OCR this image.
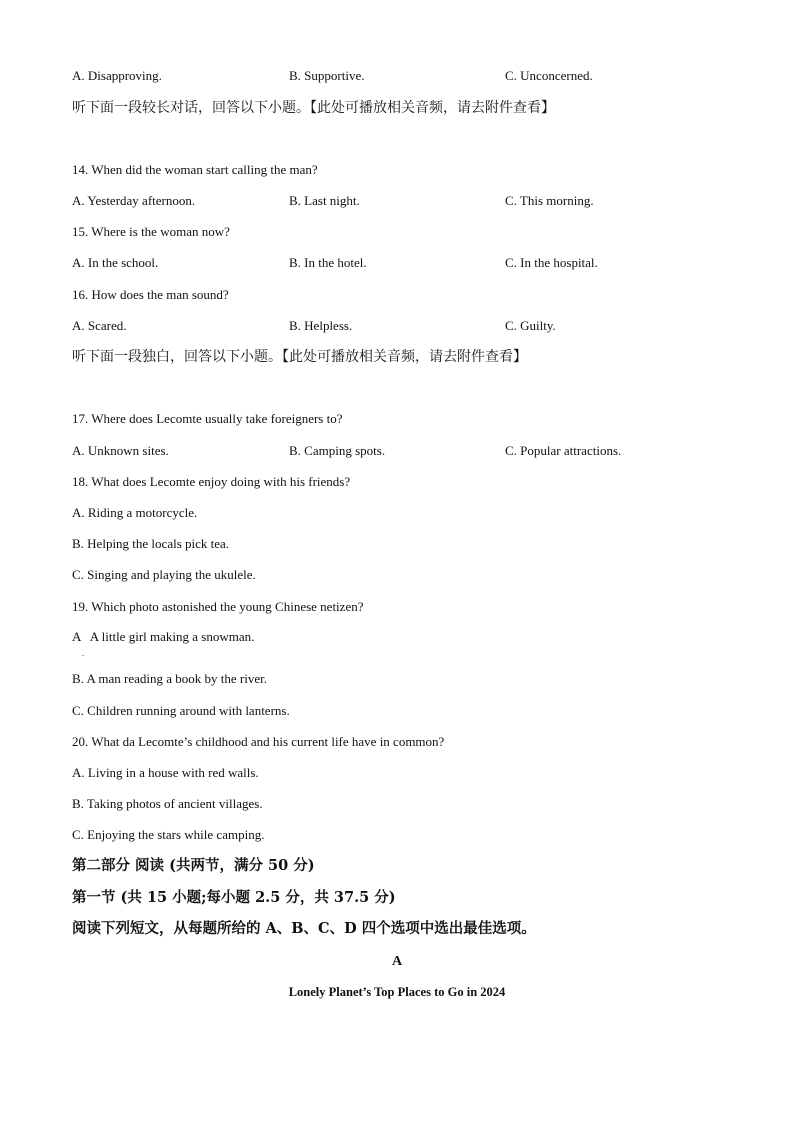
A. Disapproving.	B. Supportive.	C. Unconcerned.
听下面一段较长对话，回答以下小题。【此处可播放相关音频，请去附件查看】
14. When did the woman start calling the man?
A. Yesterday afternoon.	B. Last night.	C. This morning.
15. Where is the woman now?
A. In the school.	B. In the hotel.	C. In the hospital.
16. How does the man sound?
A. Scared.	B. Helpless.	C. Guilty.
听下面一段独白，回答以下小题。【此处可播放相关音频，请去附件查看】
17. Where does Lecomte usually take foreigners to?
A. Unknown sites.	B. Camping spots.	C. Popular attractions.
18. What does Lecomte enjoy doing with his friends?
A. Riding a motorcycle.
B. Helping the locals pick tea.
C. Singing and playing the ukulele.
19. Which photo astonished the young Chinese netizen?
A   A little girl making a snowman.
.
B. A man reading a book by the river.
C. Children running around with lanterns.
20. What da Lecomte’s childhood and his current life have in common?
A. Living in a house with red walls.
B. Taking photos of ancient villages.
C. Enjoying the stars while camping.
第二部分 阅读 (共两节，满分 50 分)
第一节 (共 15 小题;每小题 2.5 分，共 37.5 分)
阅读下列短文，从每题所给的 A、B、C、D 四个选项中选出最佳选项。
A
Lonely Planet’s Top Places to Go in 2024
